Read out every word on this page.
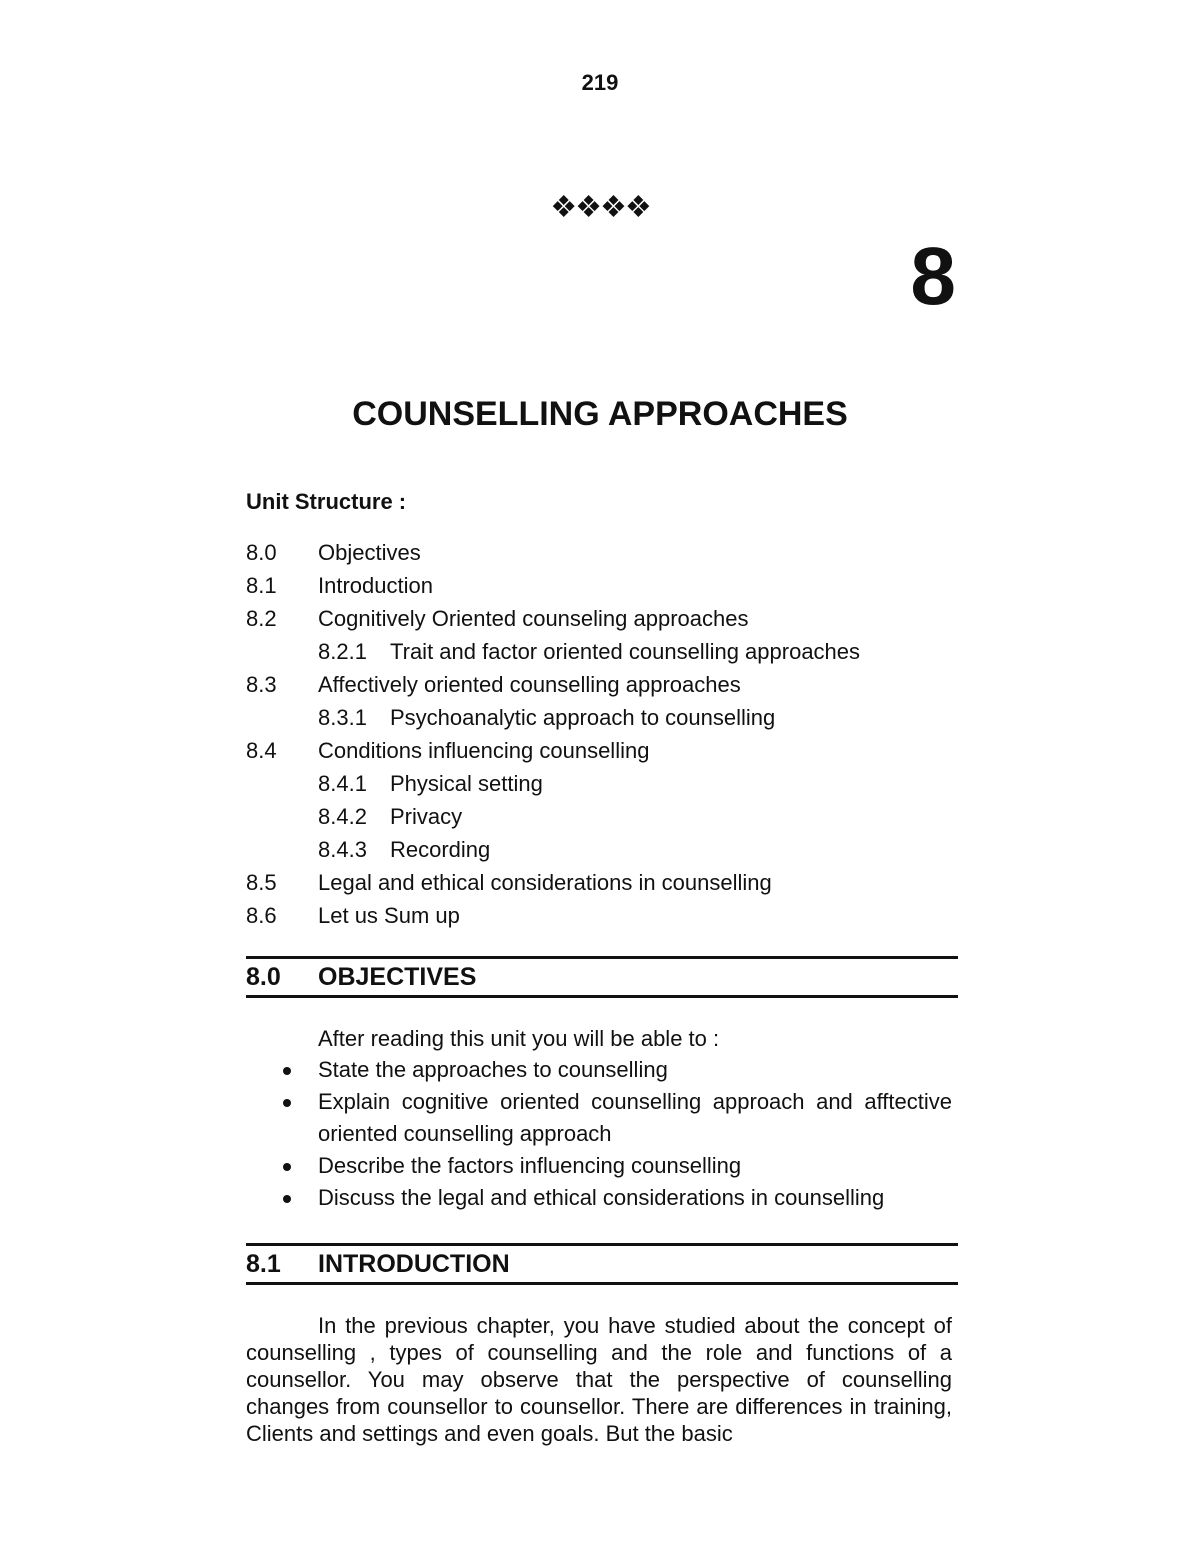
219
❖❖❖❖
8
COUNSELLING APPROACHES
Unit Structure :
8.0 Objectives
8.1 Introduction
8.2 Cognitively Oriented counseling approaches
8.2.1 Trait and factor oriented counselling approaches
8.3 Affectively oriented counselling approaches
8.3.1 Psychoanalytic approach to counselling
8.4 Conditions influencing counselling
8.4.1 Physical setting
8.4.2 Privacy
8.4.3 Recording
8.5 Legal and ethical considerations in counselling
8.6 Let us Sum up
8.0 OBJECTIVES
After reading this unit you will be able to :
State the approaches to counselling
Explain cognitive oriented counselling approach and afftective oriented counselling approach
Describe the factors influencing counselling
Discuss the legal and ethical considerations in counselling
8.1 INTRODUCTION

In the previous chapter, you have studied about the concept of counselling , types of counselling and the role and functions of a counsellor. You may observe that the perspective of counselling changes from counsellor to counsellor. There are differences in training, Clients and settings and even goals. But the basic
